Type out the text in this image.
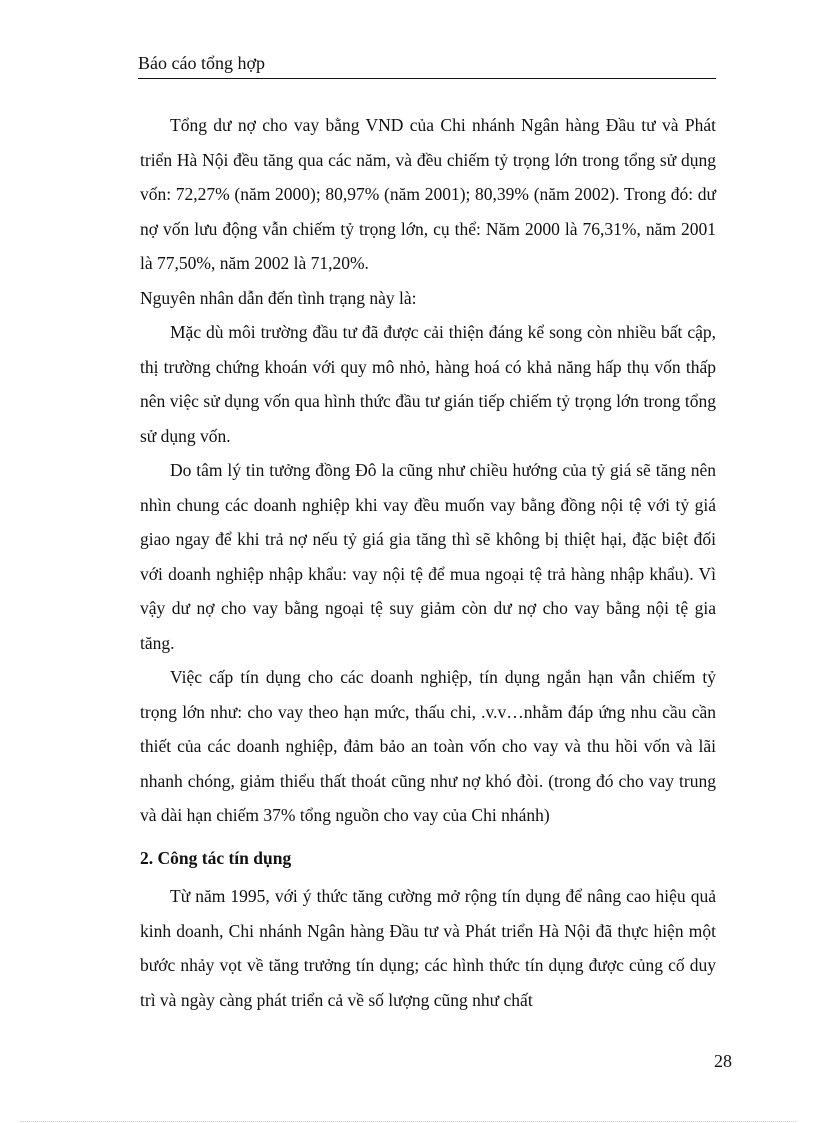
Báo cáo tổng hợp

Tổng dư nợ cho vay bằng VND của Chi nhánh Ngân hàng Đầu tư và Phát triển Hà Nội đều tăng qua các năm, và đều chiếm tỷ trọng lớn trong tổng sử dụng vốn: 72,27% (năm 2000); 80,97% (năm 2001); 80,39% (năm 2002). Trong đó: dư nợ vốn lưu động vẫn chiếm tỷ trọng lớn, cụ thể: Năm 2000 là 76,31%, năm 2001 là 77,50%, năm 2002 là 71,20%.

Nguyên nhân dẫn đến tình trạng này là:

Mặc dù môi trường đầu tư đã được cải thiện đáng kể song còn nhiều bất cập, thị trường chứng khoán với quy mô nhỏ, hàng hoá có khả năng hấp thụ vốn thấp nên việc sử dụng vốn qua hình thức đầu tư gián tiếp chiếm tỷ trọng lớn trong tổng sử dụng vốn.

Do tâm lý tin tưởng đồng Đô la cũng như chiều hướng của tỷ giá sẽ tăng nên nhìn chung các doanh nghiệp khi vay đều muốn vay bằng đồng nội tệ với tỷ giá giao ngay để khi trả nợ nếu tỷ giá gia tăng thì sẽ không bị thiệt hại, đặc biệt đối với doanh nghiệp nhập khẩu: vay nội tệ để mua ngoại tệ trả hàng nhập khẩu). Vì vậy dư nợ cho vay bằng ngoại tệ suy giảm còn dư nợ cho vay bằng nội tệ gia tăng.

Việc cấp tín dụng cho các doanh nghiệp, tín dụng ngắn hạn vẫn chiếm tỷ trọng lớn như: cho vay theo hạn mức, thấu chi, .v.v…nhằm đáp ứng nhu cầu cần thiết của các doanh nghiệp, đảm bảo an toàn vốn cho vay và thu hồi vốn và lãi nhanh chóng, giảm thiểu thất thoát cũng như nợ khó đòi. (trong đó cho vay trung và dài hạn chiếm 37% tổng nguồn cho vay của Chi nhánh)

2. Công tác tín dụng

Từ năm 1995, với ý thức tăng cường mở rộng tín dụng để nâng cao hiệu quả kinh doanh, Chi nhánh Ngân hàng Đầu tư và Phát triển Hà Nội đã thực hiện một bước nhảy vọt về tăng trưởng tín dụng; các hình thức tín dụng được củng cố duy trì và ngày càng phát triển cả về số lượng cũng như chất

28
